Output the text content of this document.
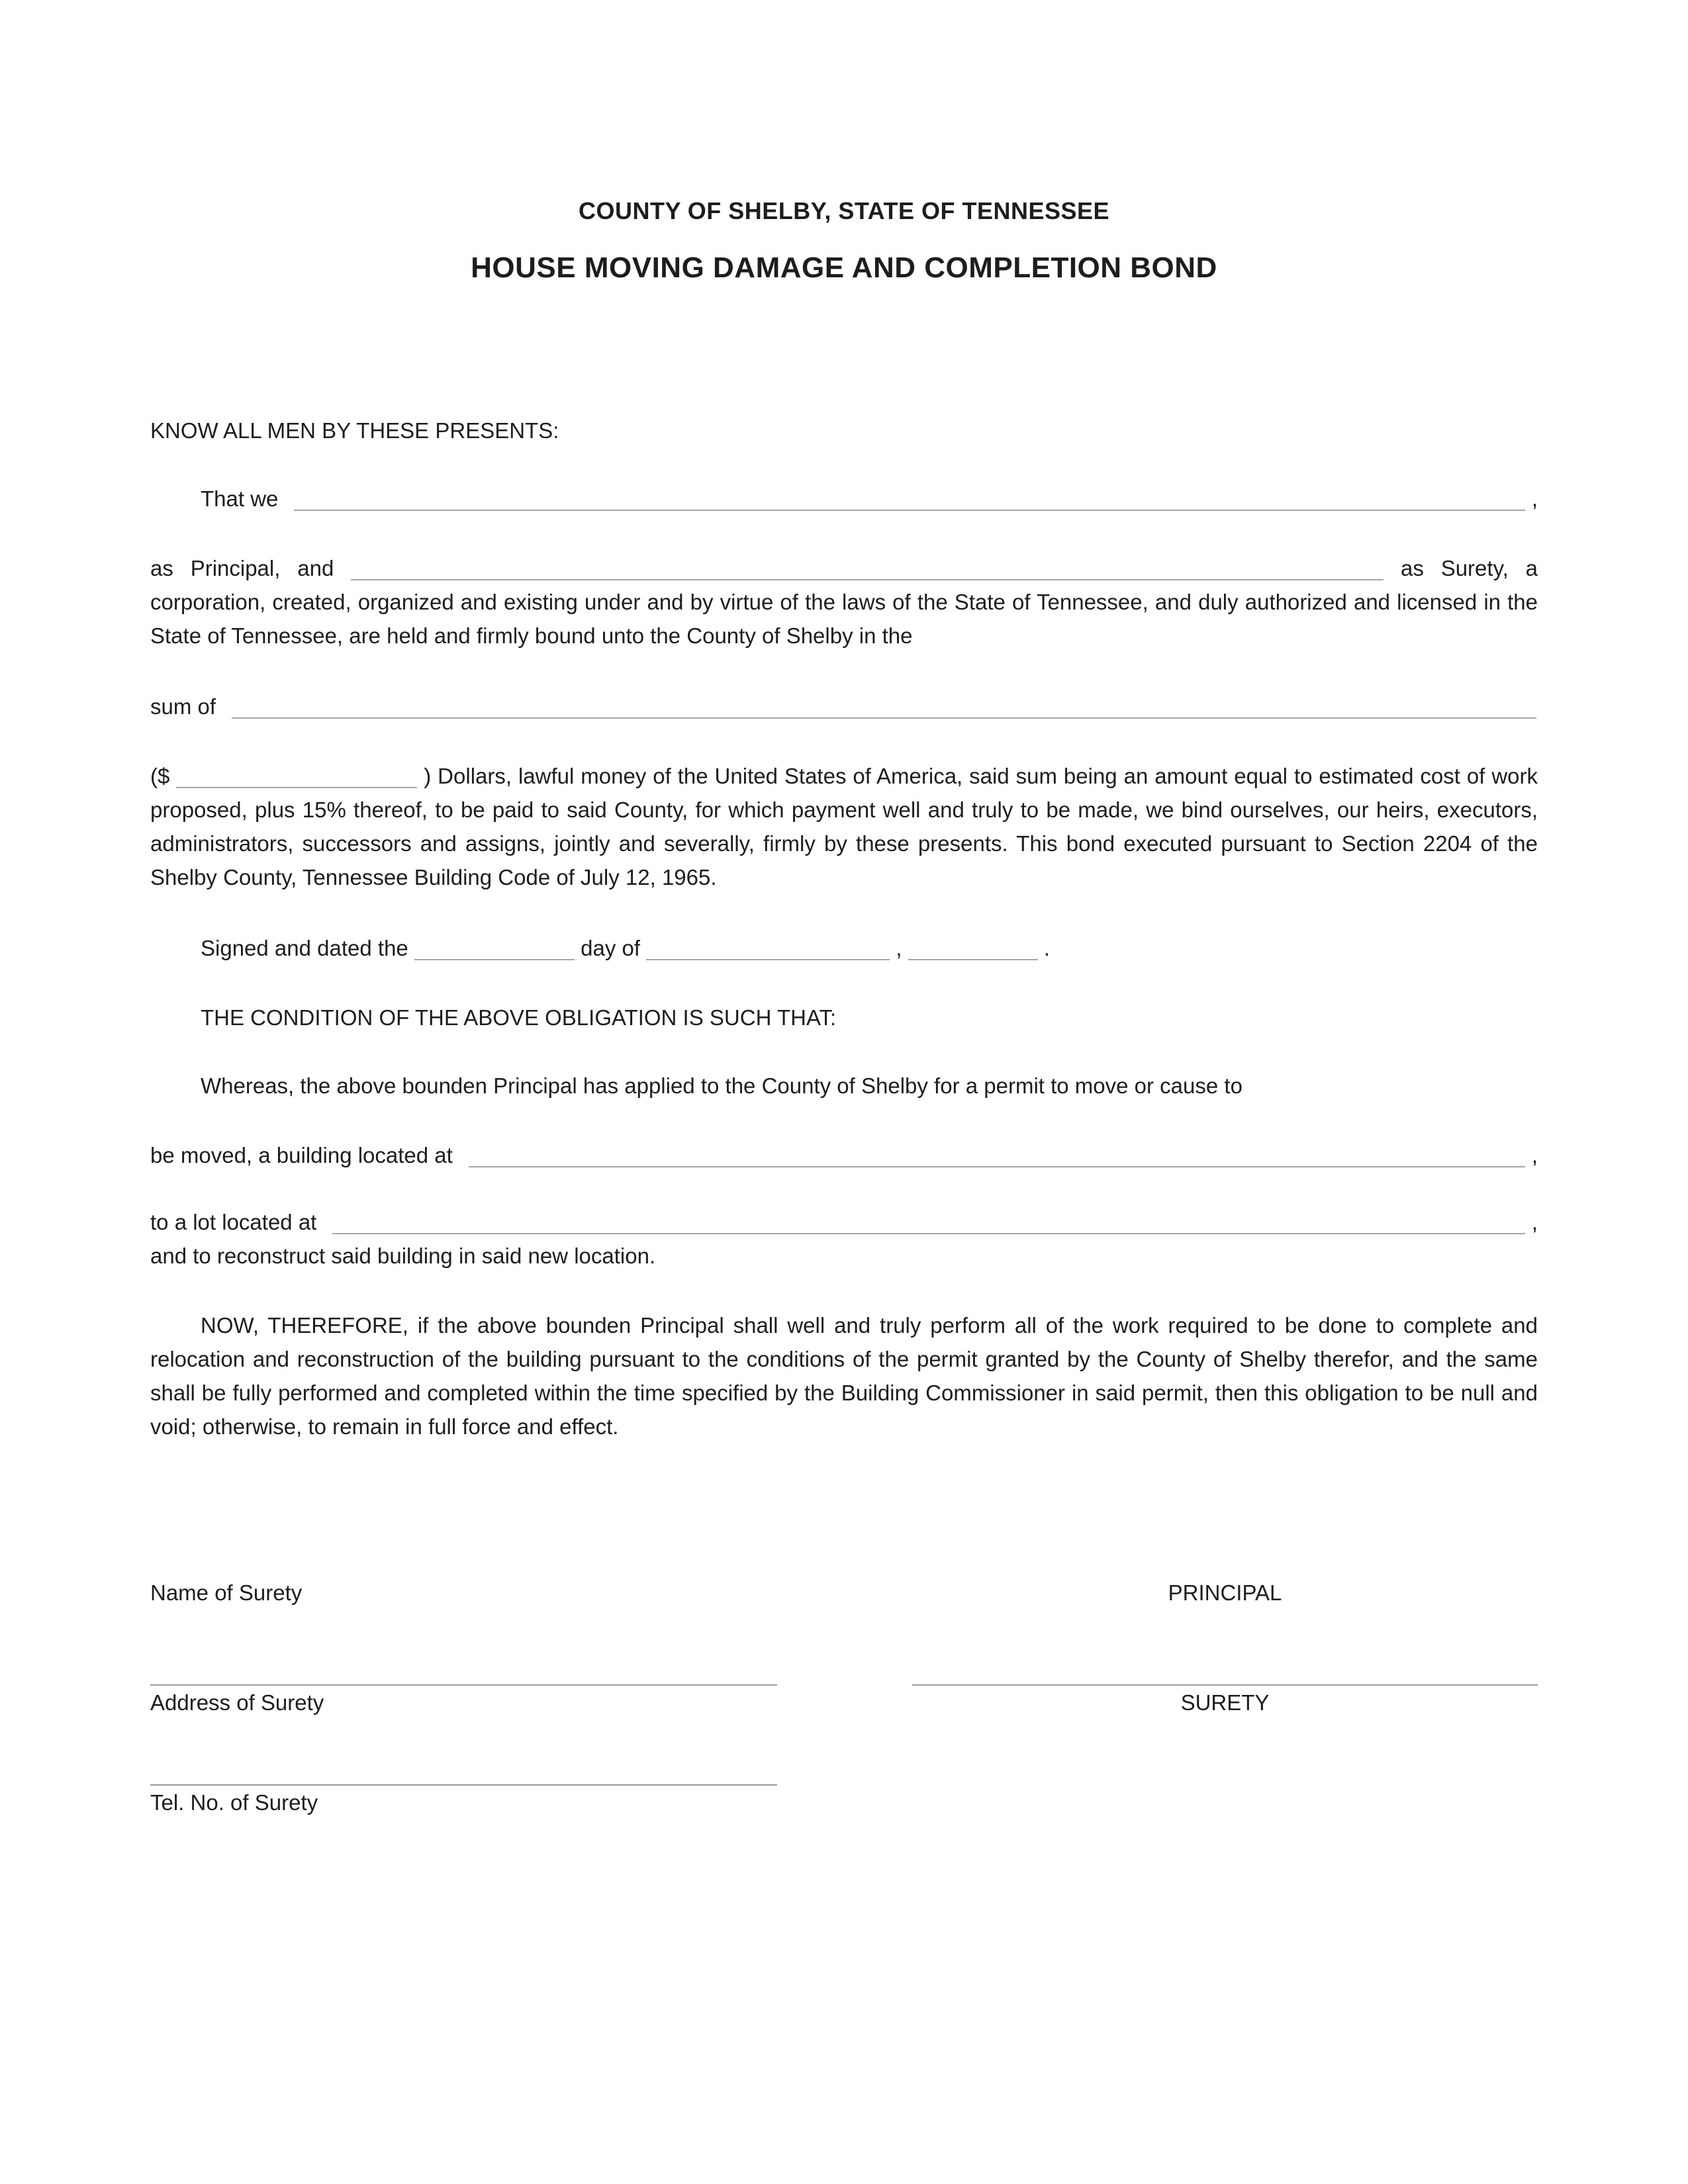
COUNTY OF SHELBY, STATE OF TENNESSEE
HOUSE MOVING DAMAGE AND COMPLETION BOND
KNOW ALL MEN BY THESE PRESENTS:
That we	,

as Principal, and	as Surety, a corporation, created, organized and existing under and by virtue of the laws of the State of Tennessee, and duly authorized and licensed in the State of Tennessee, are held and firmly bound unto the County of Shelby in the

sum of

($	) Dollars, lawful money of the United States of America, said sum being an amount equal to estimated cost of work proposed, plus 15% thereof, to be paid to said County, for which payment well and truly to be made, we bind ourselves, our heirs, executors, administrators, successors and assigns, jointly and severally, firmly by these presents. This bond executed pursuant to Section 2204 of the Shelby County, Tennessee Building Code of July 12, 1965.

Signed and dated the	day of	,	.

THE CONDITION OF THE ABOVE OBLIGATION IS SUCH THAT:

Whereas, the above bounden Principal has applied to the County of Shelby for a permit to move or cause to

be moved, a building located at	,
to a lot located at	,
and to reconstruct said building in said new location.

NOW, THEREFORE, if the above bounden Principal shall well and truly perform all of the work required to be done to complete and relocation and reconstruction of the building pursuant to the conditions of the permit granted by the County of Shelby therefor, and the same shall be fully performed and completed within the time specified by the Building Commissioner in said permit, then this obligation to be null and void; otherwise, to remain in full force and effect.

Name of Surety
Address of Surety
Tel. No. of Surety
PRINCIPAL
SURETY
